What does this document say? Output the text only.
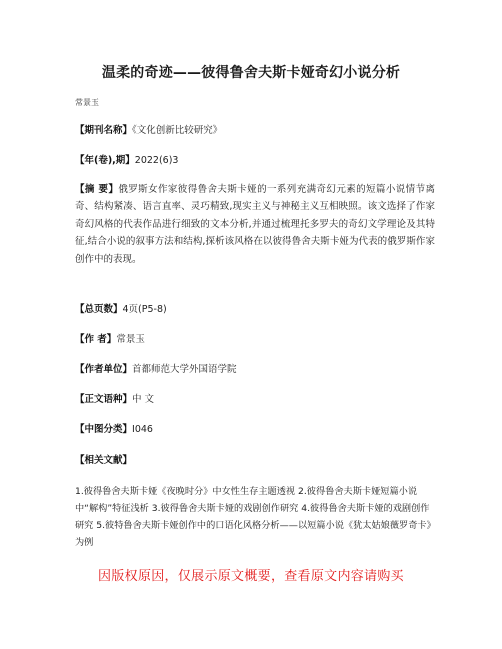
温柔的奇迹——彼得鲁舍夫斯卡娅奇幻小说分析
常景玉
【期刊名称】《文化创新比较研究》
【年(卷),期】2022(6)3
【摘 要】俄罗斯女作家彼得鲁舍夫斯卡娅的一系列充满奇幻元素的短篇小说情节离奇、结构紧凑、语言直率、灵巧精致,现实主义与神秘主义互相映照。该文选择了作家奇幻风格的代表作品进行细致的文本分析,并通过梳理托多罗夫的奇幻文学理论及其特征,结合小说的叙事方法和结构,探析该风格在以彼得鲁舍夫斯卡娅为代表的俄罗斯作家创作中的表现。
【总页数】4页(P5-8)
【作 者】常景玉
【作者单位】首都师范大学外国语学院
【正文语种】中 文
【中图分类】I046
【相关文献】
1.彼得鲁舍夫斯卡娅《夜晚时分》中女性生存主题透视 2.彼得鲁舍夫斯卡娅短篇小说中“解构”特征浅析 3.彼得鲁舍夫斯卡娅的戏剧创作研究 4.彼得鲁舍夫斯卡娅的戏剧创作研究 5.彼特鲁舍夫斯卡娅创作中的口语化风格分析——以短篇小说《犹太姑娘薇罗奇卡》为例
因版权原因，仅展示原文概要，查看原文内容请购买
